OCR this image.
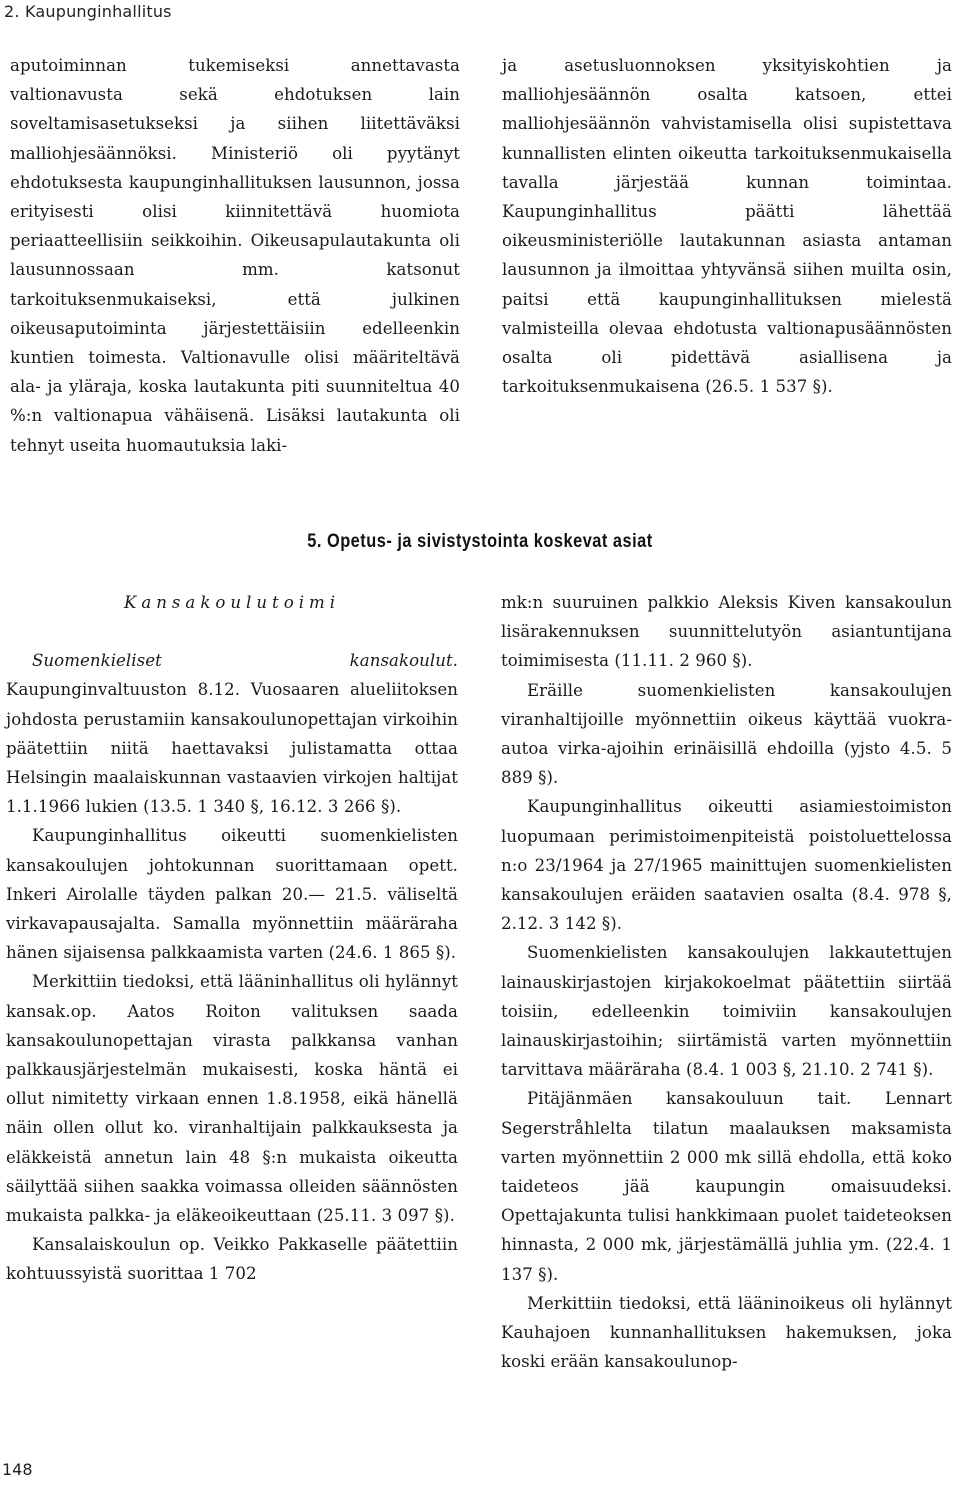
2. Kaupunginhallitus

aputoiminnan tukemiseksi annettavasta valtionavusta sekä ehdotuksen lain soveltamisasetukseksi ja siihen liitettäväksi malliohjesäännöksi. Ministeriö oli pyytänyt ehdotuksesta kaupunginhallituksen lausunnon, jossa erityisesti olisi kiinnitettävä huomiota periaatteellisiin seikkoihin. Oikeusapulautakunta oli lausunnossaan mm. katsonut tarkoituksenmukaiseksi, että julkinen oikeusaputoiminta järjestettäisiin edelleenkin kuntien toimesta. Valtionavulle olisi määriteltävä ala- ja yläraja, koska lautakunta piti suunniteltua 40 %:n valtionapua vähäisenä. Lisäksi lautakunta oli tehnyt useita huomautuksia laki-

ja asetusluonnoksen yksityiskohtien ja malliohjesäännön osalta katsoen, ettei malliohjesäännön vahvistamisella olisi supistettava kunnallisten elinten oikeutta tarkoituksenmukaisella tavalla järjestää kunnan toimintaa. Kaupunginhallitus päätti lähettää oikeusministeriölle lautakunnan asiasta antaman lausunnon ja ilmoittaa yhtyvänsä siihen muilta osin, paitsi että kaupunginhallituksen mielestä valmisteilla olevaa ehdotusta valtionapusäännösten osalta oli pidettävä asiallisena ja tarkoituksenmukaisena (26.5. 1 537 §).

5. Opetus- ja sivistystointa koskevat asiat

Kansakoulutoimi

Suomenkieliset kansakoulut. Kaupunginvaltuuston 8.12. Vuosaaren alueliitoksen johdosta perustamiin kansakoulunopettajan virkoihin päätettiin niitä haettavaksi julistamatta ottaa Helsingin maalaiskunnan vastaavien virkojen haltijat 1.1.1966 lukien (13.5. 1 340 §, 16.12. 3 266 §).

Kaupunginhallitus oikeutti suomenkielisten kansakoulujen johtokunnan suorittamaan opett. Inkeri Airolalle täyden palkan 20.— 21.5. väliseltä virkavapausajalta. Samalla myönnettiin määräraha hänen sijaisensa palkkaamista varten (24.6. 1 865 §).

Merkittiin tiedoksi, että lääninhallitus oli hylännyt kansak.op. Aatos Roiton valituksen saada kansakoulunopettajan virasta palkkansa vanhan palkkausjärjestelmän mukaisesti, koska häntä ei ollut nimitetty virkaan ennen 1.8.1958, eikä hänellä näin ollen ollut ko. viranhaltijain palkkauksesta ja eläkkeistä annetun lain 48 §:n mukaista oikeutta säilyttää siihen saakka voimassa olleiden säännösten mukaista palkka- ja eläkeoikeuttaan (25.11. 3 097 §).

Kansalaiskoulun op. Veikko Pakkaselle päätettiin kohtuussyistä suorittaa 1 702

mk:n suuruinen palkkio Aleksis Kiven kansakoulun lisärakennuksen suunnittelutyön asiantuntijana toimimisesta (11.11. 2 960 §).

Eräille suomenkielisten kansakoulujen viranhaltijoille myönnettiin oikeus käyttää vuokra-autoa virka-ajoihin erinäisillä ehdoilla (yjsto 4.5. 5 889 §).

Kaupunginhallitus oikeutti asiamiestoimiston luopumaan perimistoimenpiteistä poistoluettelossa n:o 23/1964 ja 27/1965 mainittujen suomenkielisten kansakoulujen eräiden saatavien osalta (8.4. 978 §, 2.12. 3 142 §).

Suomenkielisten kansakoulujen lakkautettujen lainauskirjastojen kirjakokoelmat päätettiin siirtää toisiin, edelleenkin toimiviin kansakoulujen lainauskirjastoihin; siirtämistä varten myönnettiin tarvittava määräraha (8.4. 1 003 §, 21.10. 2 741 §).

Pitäjänmäen kansakouluun tait. Lennart Segerstråhlelta tilatun maalauksen maksamista varten myönnettiin 2 000 mk sillä ehdolla, että koko taideteos jää kaupungin omaisuudeksi. Opettajakunta tulisi hankkimaan puolet taideteoksen hinnasta, 2 000 mk, järjestämällä juhlia ym. (22.4. 1 137 §).

Merkittiin tiedoksi, että lääninoikeus oli hylännyt Kauhajoen kunnanhallituksen hakemuksen, joka koski erään kansakoulunop-

148
